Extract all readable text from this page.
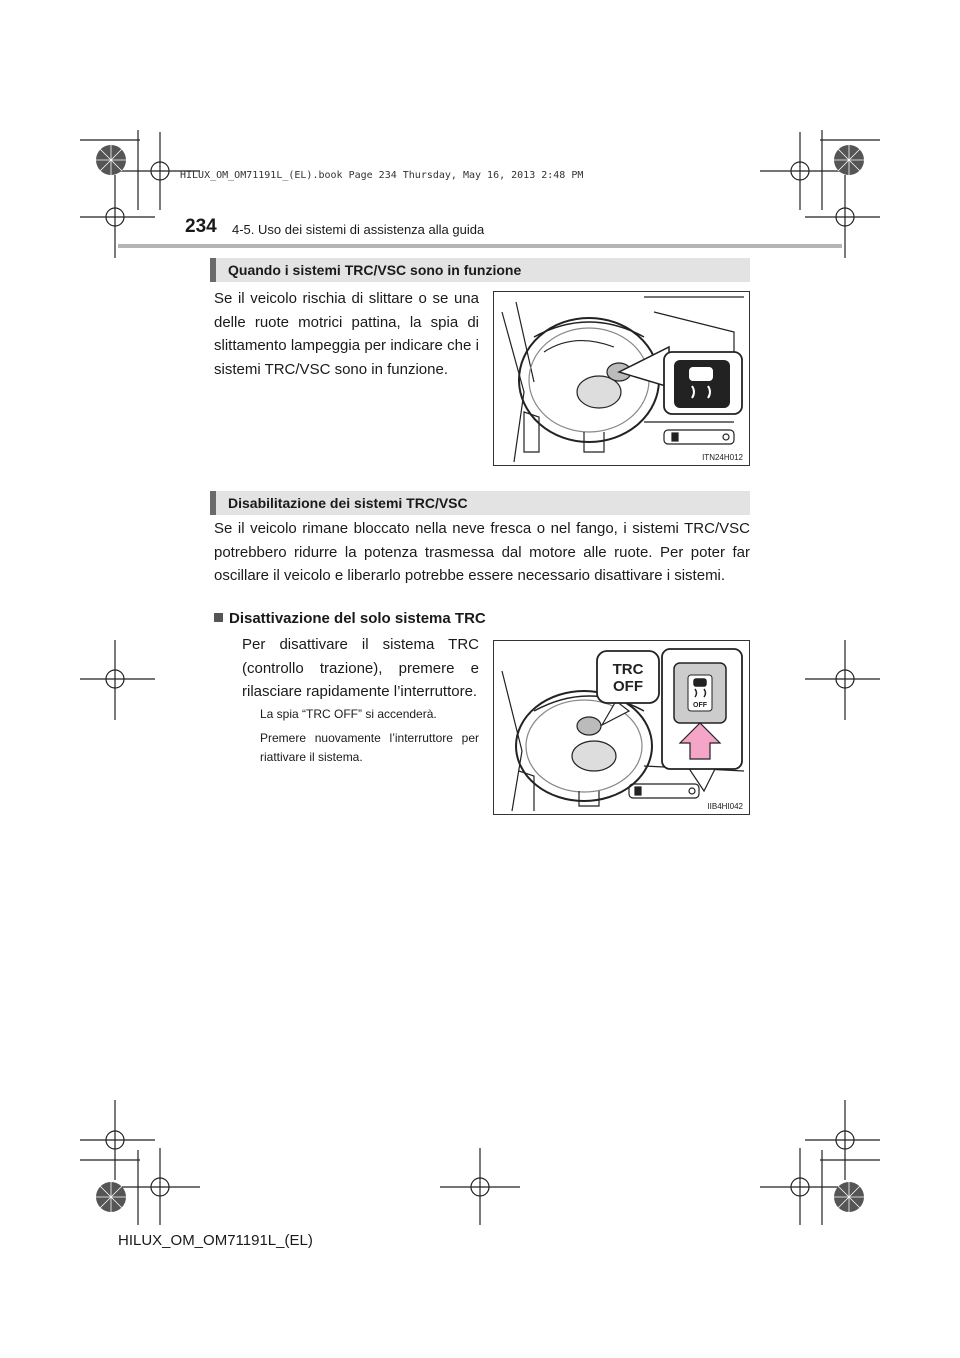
HILUX_OM_OM71191L_(EL).book Page 234 Thursday, May 16, 2013 2:48 PM
234 4-5. Uso dei sistemi di assistenza alla guida
Quando i sistemi TRC/VSC sono in funzione
Se il veicolo rischia di slittare o se una delle ruote motrici pattina, la spia di slittamento lampeggia per indicare che i sistemi TRC/VSC sono in funzione.
ITN24H012
Disabilitazione dei sistemi TRC/VSC
Se il veicolo rimane bloccato nella neve fresca o nel fango, i sistemi TRC/VSC potrebbero ridurre la potenza trasmessa dal motore alle ruote. Per poter far oscillare il veicolo e liberarlo potrebbe essere necessario disattivare i sistemi.
Disattivazione del solo sistema TRC
Per disattivare il sistema TRC (controllo trazione), premere e rilasciare rapidamente l’interruttore.
La spia “TRC OFF” si accenderà.
Premere nuovamente l’interruttore per riattivare il sistema.
TRC
OFF
OFF
IIB4HI042
HILUX_OM_OM71191L_(EL)
